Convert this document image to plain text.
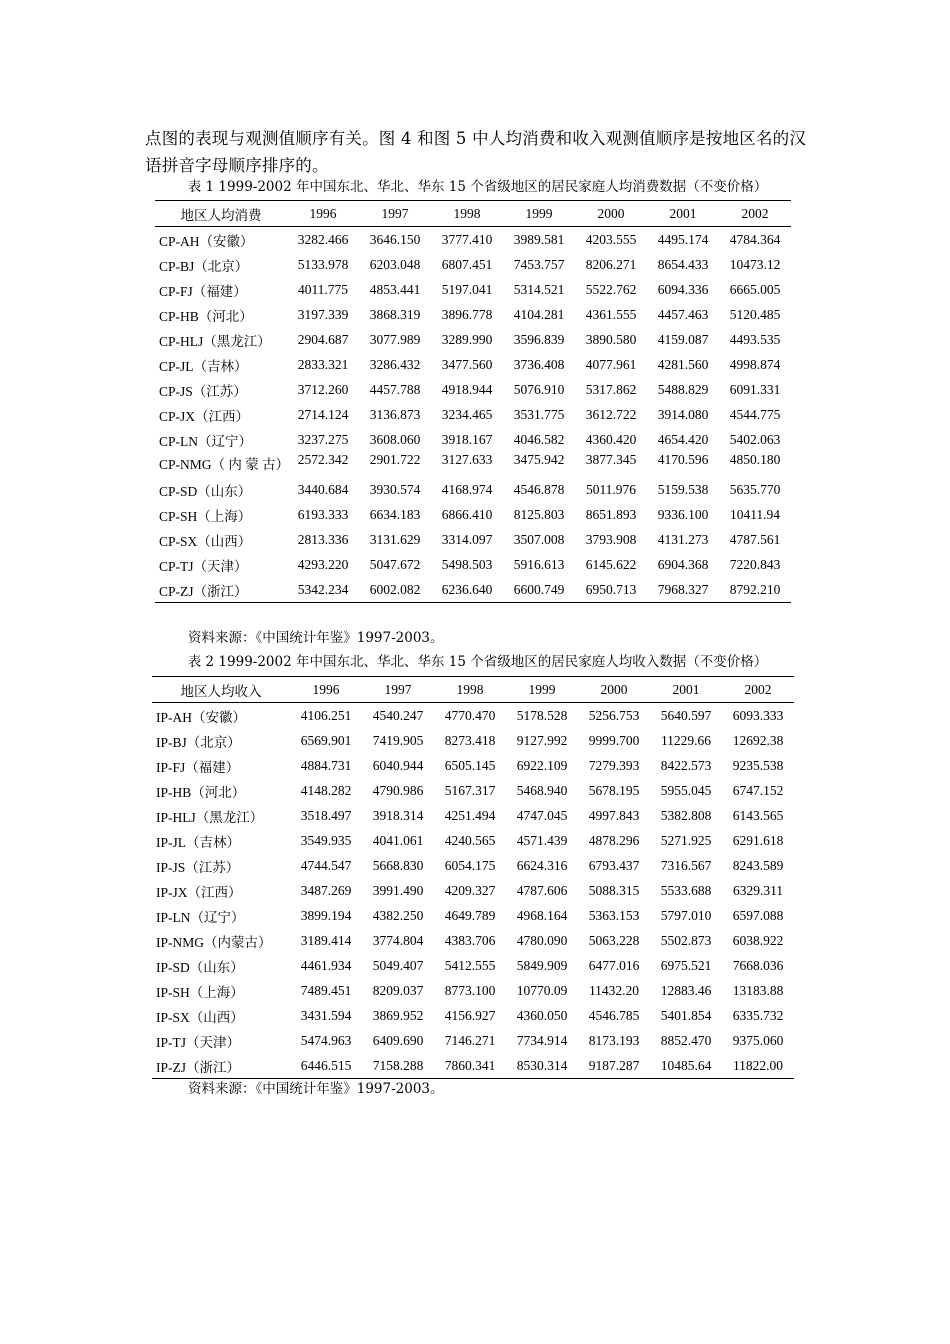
点图的表现与观测值顺序有关。图 4 和图 5 中人均消费和收入观测值顺序是按地区名的汉

语拼音字母顺序排序的。

表 1 1999-2002 年中国东北、华北、华东 15 个省级地区的居民家庭人均消费数据（不变价格）
地区人均消费	1996	1997	1998	1999	2000	2001	2002
CP-AH（安徽）	3282.466	3646.150	3777.410	3989.581	4203.555	4495.174	4784.364
CP-BJ（北京）	5133.978	6203.048	6807.451	7453.757	8206.271	8654.433	10473.12
CP-FJ（福建）	4011.775	4853.441	5197.041	5314.521	5522.762	6094.336	6665.005
CP-HB（河北）	3197.339	3868.319	3896.778	4104.281	4361.555	4457.463	5120.485
CP-HLJ（黑龙江）	2904.687	3077.989	3289.990	3596.839	3890.580	4159.087	4493.535
CP-JL（吉林）	2833.321	3286.432	3477.560	3736.408	4077.961	4281.560	4998.874
CP-JS（江苏）	3712.260	4457.788	4918.944	5076.910	5317.862	5488.829	6091.331
CP-JX（江西）	2714.124	3136.873	3234.465	3531.775	3612.722	3914.080	4544.775
CP-LN（辽宁）	3237.275	3608.060	3918.167	4046.582	4360.420	4654.420	5402.063
CP-NMG（ 内 蒙 古）	2572.342	2901.722	3127.633	3475.942	3877.345	4170.596	4850.180
CP-SD（山东）	3440.684	3930.574	4168.974	4546.878	5011.976	5159.538	5635.770
CP-SH（上海）	6193.333	6634.183	6866.410	8125.803	8651.893	9336.100	10411.94
CP-SX（山西）	2813.336	3131.629	3314.097	3507.008	3793.908	4131.273	4787.561
CP-TJ（天津）	4293.220	5047.672	5498.503	5916.613	6145.622	6904.368	7220.843
CP-ZJ（浙江）	5342.234	6002.082	6236.640	6600.749	6950.713	7968.327	8792.210
资料来源：《中国统计年鉴》1997-2003。
表 2 1999-2002 年中国东北、华北、华东 15 个省级地区的居民家庭人均收入数据（不变价格）
地区人均收入	1996	1997	1998	1999	2000	2001	2002
IP-AH（安徽）	4106.251	4540.247	4770.470	5178.528	5256.753	5640.597	6093.333
IP-BJ（北京）	6569.901	7419.905	8273.418	9127.992	9999.700	11229.66	12692.38
IP-FJ（福建）	4884.731	6040.944	6505.145	6922.109	7279.393	8422.573	9235.538
IP-HB（河北）	4148.282	4790.986	5167.317	5468.940	5678.195	5955.045	6747.152
IP-HLJ（黑龙江）	3518.497	3918.314	4251.494	4747.045	4997.843	5382.808	6143.565
IP-JL（吉林）	3549.935	4041.061	4240.565	4571.439	4878.296	5271.925	6291.618
IP-JS（江苏）	4744.547	5668.830	6054.175	6624.316	6793.437	7316.567	8243.589
IP-JX（江西）	3487.269	3991.490	4209.327	4787.606	5088.315	5533.688	6329.311
IP-LN（辽宁）	3899.194	4382.250	4649.789	4968.164	5363.153	5797.010	6597.088
IP-NMG（内蒙古）	3189.414	3774.804	4383.706	4780.090	5063.228	5502.873	6038.922
IP-SD（山东）	4461.934	5049.407	5412.555	5849.909	6477.016	6975.521	7668.036
IP-SH（上海）	7489.451	8209.037	8773.100	10770.09	11432.20	12883.46	13183.88
IP-SX（山西）	3431.594	3869.952	4156.927	4360.050	4546.785	5401.854	6335.732
IP-TJ（天津）	5474.963	6409.690	7146.271	7734.914	8173.193	8852.470	9375.060
IP-ZJ（浙江）	6446.515	7158.288	7860.341	8530.314	9187.287	10485.64	11822.00
资料来源：《中国统计年鉴》1997-2003。
